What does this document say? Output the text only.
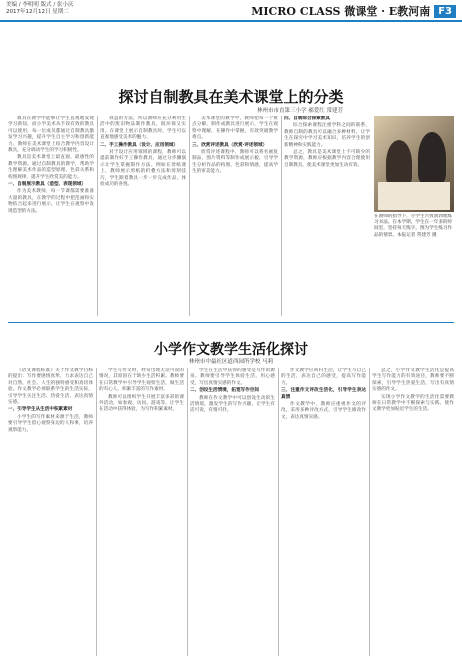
美编 / 李明明 版式 / 张小庆
2017年12月12日 星期二	MICRO CLASS 微课堂 · E教河南 F3
探讨自制教具在美术课堂上的分类
林州市市直第三小学 郝爱红 常建芳

教具在教学中能够让学生直观地发现学习新知，而小学美术从手段有效的教具可以使用，每一位成员都通过自制教具激发学习兴趣，提升学生自主学习和创新能力。教师在美术课堂上结合教学内容设计教具，充分调动学生的学习积极性。

教具是美术课堂上最直观、最感性的教学资源。通过自制教具的教学，帮助学生理解美术作品的造型原理、色彩关系和构图规律，提升学生欣赏美的能力。

一、自制展示教具（造型、表现领域）

作为美术教师，每一节课都需要准备大量的教具，在教学的过程中把范画和实物结合起来进行展示，让学生在观察中发现造型的方法。

效益的方法，所以教师应充分利用生活中的废旧物品制作教具，既环保又实用。在课堂上展示自制教具时，学生可以直观地感受美术的魅力。

二、手工操作教具（设计、应用领域）

对于设计应用领域的课程，教师可以提前制作好手工操作教具，通过分步骤演示让学生掌握制作方法。例如在剪纸课上，教师展示剪纸的折叠方法和剪刻技巧，学生跟着教具一步一步完成作品，体验成功的喜悦。

美术课堂的教学中，教师把每一个难点分解，制作成教具进行展示，学生在观察中理解，在操作中掌握，有效突破教学难点。

三、欣赏评述教具（欣赏·评述领域）

欣赏评述课程中，教师可以将名画复制品、图片资料等制作成展示板，引导学生分析作品的构图、色彩和情感，提高学生的审美能力。

四、自制综合探索教具

综合探索课程注重学科之间的联系，教师自制的教具可以融合多种材料，让学生在探究中学习美术知识，培养学生的创新精神和实践能力。

总之，教具是美术课堂上不可缺少的教学资源，教师应根据教学内容合理使用自制教具，使美术课堂更加生动有效。

在教师的指导下，小学生兴致勃勃地练习书法。在本学期，学生在一年多的时间里，坚持每天练字。图为学生练习作品的情景。本报记者 常建芳 摄
小学作文教学生活化探讨
林州市中最社区道西园所学校 马莉

《语文课程标准》关于作文教学目标的提出：写作要感情真挚，力求表达自己对自然、社会、人生的独特感受和真切体验。作文教学必须联系学生的生活实际，引导学生关注生活、热爱生活、表达真情实感。

一、引导学生从生活中积累素材

小学生的写作素材来源于生活，教师要引导学生留心观察身边的人和事，培养观察能力。

学生写作文时，经常出现无话可说的情况，其原因在于缺少生活积累。教师要在日常教学中引导学生观察生活，做生活的有心人，积累丰富的写作素材。

教师可以组织学生开展丰富多彩的课外活动，如参观、访问、游戏等，让学生在活动中获得体验，为写作积累素材。

学生在生活中获得的感受是写作的源泉。教师要引导学生体验生活，用心感受，写出真情实感的作文。

二、创设生活情境，拓宽写作空间

教师在作文教学中可以创设生动的生活情境，激发学生的写作兴趣，让学生有话可说，有情可抒。

作文教学应回归生活，让学生写自己的生活，表达自己的感受，提高写作能力。

三、注重作文评改生活化，引导学生表达真情

作文教学中，教师应重视作文的评改，采用多种评改方式，引导学生修改作文，表达真情实感。

总之，小学作文教学生活化是提高学生写作能力的有效途径，教师要不断探索，引导学生热爱生活，写出有真情实感的作文。

实现小学作文教学的生活化需要教师在日常教学中不断探索与实践，使作文教学更加贴近学生的生活。
